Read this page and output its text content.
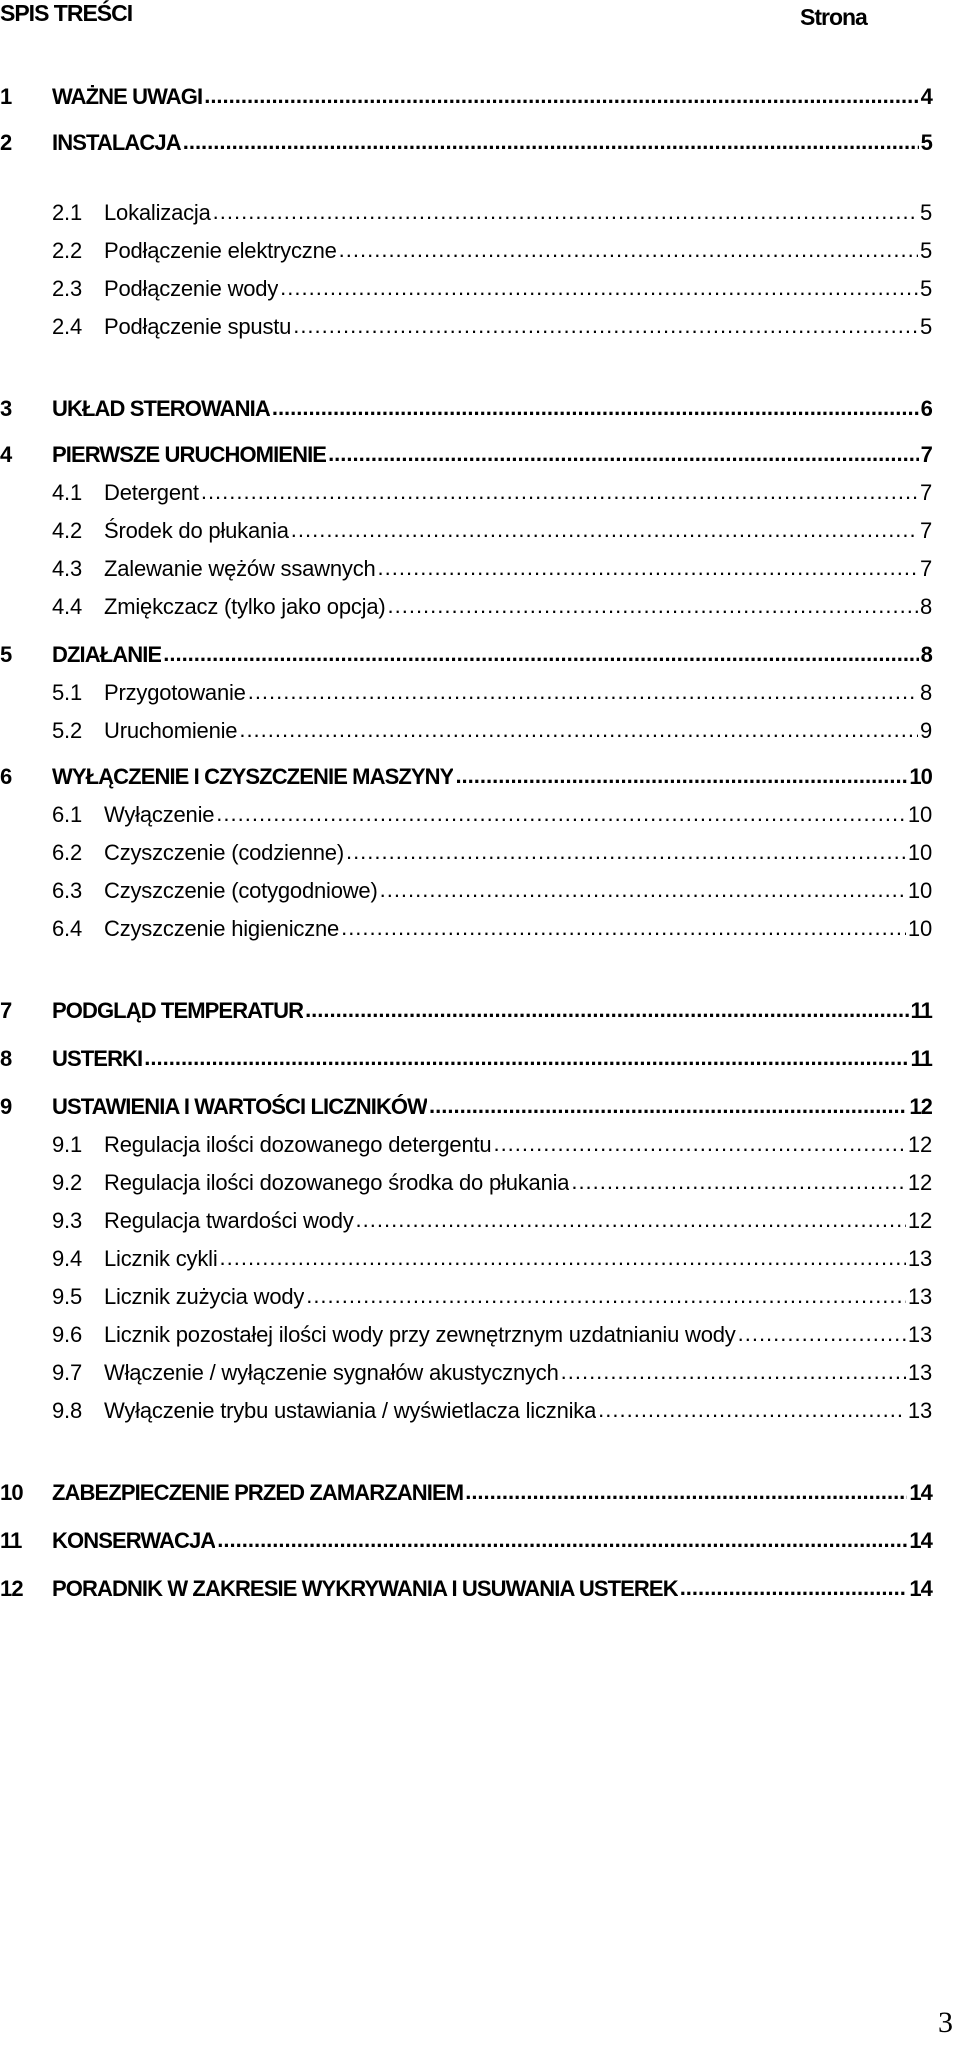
SPIS TREŚCI	Strona
1	WAŻNE UWAGI .....	4
2	INSTALACJA .....	5
2.1	Lokalizacja .....	5
2.2	Podłączenie elektryczne .....	5
2.3	Podłączenie wody .....	5
2.4	Podłączenie spustu .....	5
3	UKŁAD STEROWANIA .....	6
4	PIERWSZE URUCHOMIENIE .....	7
4.1	Detergent .....	7
4.2	Środek do płukania .....	7
4.3	Zalewanie wężów ssawnych .....	7
4.4	Zmiękczacz (tylko jako opcja) .....	8
5	DZIAŁANIE .....	8
5.1	Przygotowanie .....	8
5.2	Uruchomienie .....	9
6	WYŁĄCZENIE I CZYSZCZENIE MASZYNY .....	10
6.1	Wyłączenie .....	10
6.2	Czyszczenie (codzienne) .....	10
6.3	Czyszczenie (cotygodniowe) .....	10
6.4	Czyszczenie higieniczne .....	10
7	PODGLĄD TEMPERATUR .....	11
8	USTERKI .....	11
9	USTAWIENIA I WARTOŚCI LICZNIKÓW .....	12
9.1	Regulacja ilości dozowanego detergentu .....	12
9.2	Regulacja ilości dozowanego środka do płukania .....	12
9.3	Regulacja twardości wody .....	12
9.4	Licznik cykli .....	13
9.5	Licznik zużycia wody .....	13
9.6	Licznik pozostałej ilości wody przy zewnętrznym uzdatnianiu wody .....	13
9.7	Włączenie / wyłączenie sygnałów akustycznych .....	13
9.8	Wyłączenie trybu ustawiania / wyświetlacza licznika .....	13
10	ZABEZPIECZENIE PRZED ZAMARZANIEM .....	14
11	KONSERWACJA .....	14
12	PORADNIK W ZAKRESIE WYKRYWANIA I USUWANIA USTEREK .....	14
3
